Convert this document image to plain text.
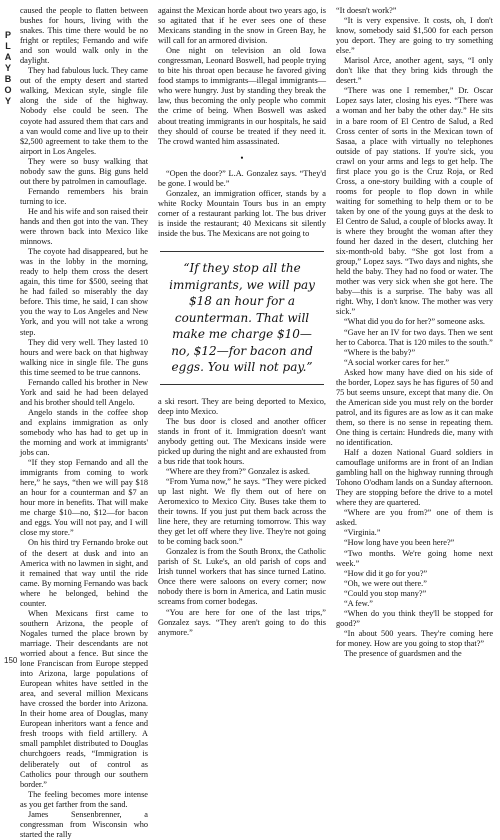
P
L
A
Y
B
O
Y

caused the people to flatten between bushes for hours, living with the snakes. This time there would be no fright or reptiles; Fernando and wife and son would walk only in the daylight.

They had fabulous luck. They came out of the empty desert and started walking, Mexican style, single file along the side of the highway. Nobody else could be seen. The coyote had assured them that cars and a van would come and live up to their $2,500 agreement to take them to the airport in Los Angeles.

They were so busy walking that nobody saw the guns. Big guns held out there by patrolmen in camouflage.

Fernando remembers his brain turning to ice.

He and his wife and son raised their hands and then got into the van. They were thrown back into Mexico like minnows.

The coyote had disappeared, but he was in the lobby in the morning, ready to help them cross the desert again, this time for $500, seeing that he had failed so miserably the day before. This time, he said, I can show you the way to Los Angeles and New York, and you will not take a wrong step.

They did very well. They lasted 10 hours and were back on that highway walking nice in single file. The guns this time seemed to be true cannons.

Fernando called his brother in New York and said he had been delayed and his brother should tell Angelo.

Angelo stands in the coffee shop and explains immigration as only somebody who has had to get up in the morning and work at immigrants' jobs can.

“If they stop Fernando and all the immigrants from coming to work here,” he says, “then we will pay $18 an hour for a counterman and $7 an hour more in benefits. That will make me charge $10—no, $12—for bacon and eggs. You will not pay, and I will close my store.”

On his third try Fernando broke out of the desert at dusk and into an America with no lawmen in sight, and it remained that way until the ride came. By morning Fernando was back where he belonged, behind the counter.

When Mexicans first came to southern Arizona, the people of Nogales turned the place brown by marriage. Their descendants are not worried about a fence. But since the lone Franciscan from Europe stepped into Arizona, large populations of European whites have settled in the area, and several million Mexicans have crossed the border into Arizona. In their home area of Douglas, many European inheritors want a fence and fresh troops with field artillery. A small pamphlet distributed to Douglas churchgoers reads, “Immigration is deliberately out of control as Catholics pour through our southern border.”

The feeling becomes more intense as you get farther from the sand.

James Sensenbrenner, a congressman from Wisconsin who started the rally

against the Mexican horde about two years ago, is so agitated that if he ever sees one of these Mexicans standing in the snow in Green Bay, he will call for an armored division.

One night on television an old Iowa congressman, Leonard Boswell, had people trying to bite his throat open because he favored giving food stamps to immigrants—illegal immigrants—who were hungry. Just by standing they break the law, thus becoming the only people who commit the crime of being. When Boswell was asked about treating immigrants in our hospitals, he said they should of course be treated if they need it. The crowd wanted him assassinated.

•

“Open the door?” L.A. Gonzalez says. “They'd be gone. I would be.”

Gonzalez, an immigration officer, stands by a white Rocky Mountain Tours bus in an empty corner of a restaurant parking lot. The bus driver is inside the restaurant; 40 Mexicans sit silently inside the bus. The Mexicans are not going to

“If they stop all the immigrants, we will pay $18 an hour for a counterman. That will make me charge $10—no, $12—for bacon and eggs. You will not pay.”

a ski resort. They are being deported to Mexico, deep into Mexico.

The bus door is closed and another officer stands in front of it. Immigration doesn't want anybody getting out. The Mexicans inside were picked up during the night and are exhausted from a bus ride that took hours.

“Where are they from?” Gonzalez is asked.

“From Yuma now,” he says. “They were picked up last night. We fly them out of here on Aeromexico to Mexico City. Buses take them to their towns. If you just put them back across the line here, they are returning tomorrow. This way they get let off where they live. They're not going to be coming back soon.”

Gonzalez is from the South Bronx, the Catholic parish of St. Luke's, an old parish of cops and Irish tunnel workers that has since turned Latino. Once there were saloons on every corner; now nobody there is born in America, and Latin music screams from corner bodegas.

“You are here for one of the last trips,” Gonzalez says. “They aren't going to do this anymore.”

“It doesn't work?”

“It is very expensive. It costs, oh, I don't know, somebody said $1,500 for each person you deport. They are going to try something else.”

Marisol Arce, another agent, says, “I only don't like that they bring kids through the desert.”

“There was one I remember,” Dr. Oscar Lopez says later, closing his eyes. “There was a woman and her baby the other day.” He sits in a bare room of El Centro de Salud, a Red Cross center of sorts in the Mexican town of Sasaa, a place with virtually no telephones outside of pay stations. If you're sick, you crawl on your arms and legs to get help. The first place you go is the Cruz Roja, or Red Cross, a one-story building with a couple of rooms for people to flop down in while waiting for something to help them or to be taken by one of the young guys at the desk to El Centro de Salud, a couple of blocks away. It is where they brought the woman after they found her dazed in the desert, clutching her six-month-old baby. “She got lost from a group,” Lopez says. “Two days and nights, she held the baby. They had no food or water. The mother was very sick when she got here. The baby—this is a surprise. The baby was all right. Why, I don't know. The mother was very sick.”

“What did you do for her?” someone asks.

“Gave her an IV for two days. Then we sent her to Caborca. That is 120 miles to the south.”

“Where is the baby?”

“A social worker cares for her.”

Asked how many have died on his side of the border, Lopez says he has figures of 50 and 75 but seems unsure, except that many die. On the American side you must rely on the border patrol, and its figures are as low as it can make them, so there is no sense in repeating them. One thing is certain: Hundreds die, many with no identification.

Half a dozen National Guard soldiers in camouflage uniforms are in front of an Indian gambling hall on the highway running through Tohono O'odham lands on a Sunday afternoon. They are stopping before the drive to a motel where they are quartered.

“Where are you from?” one of them is asked.

“Virginia.”

“How long have you been here?”

“Two months. We're going home next week.”

“How did it go for you?”

“Oh, we were out there.”

“Could you stop many?”

“A few.”

“When do you think they'll be stopped for good?”

“In about 500 years. They're coming here for money. How are you going to stop that?”

The presence of guardsmen and the

150
